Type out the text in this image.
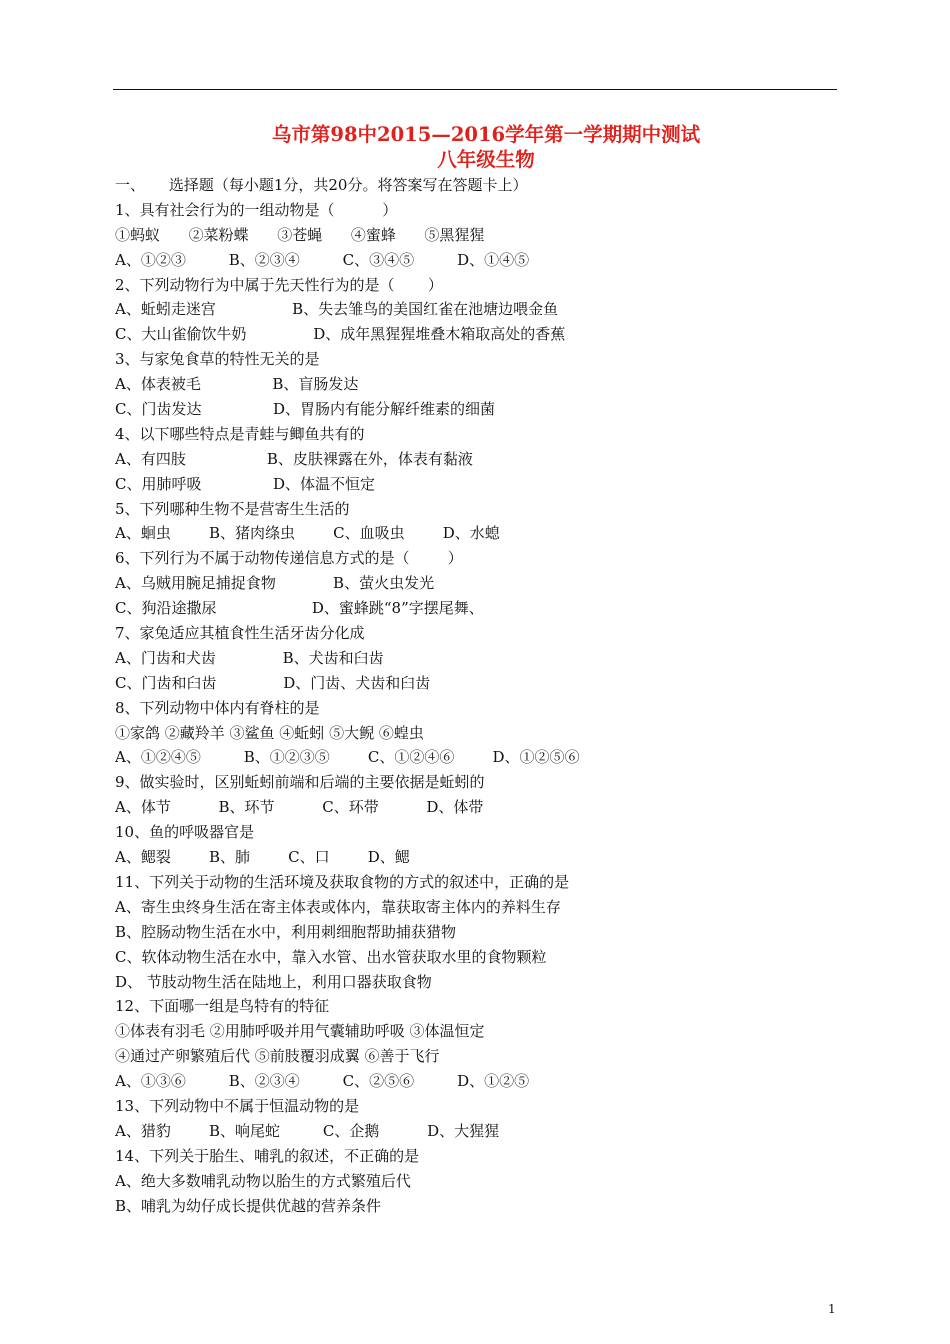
乌市第98中2015—2016学年第一学期期中测试
八年级生物
一、     选择题（每小题1分，共20分。将答案写在答题卡上）
1、具有社会行为的一组动物是（          ）
①蚂蚁      ②菜粉蝶      ③苍蝇      ④蜜蜂      ⑤黑猩猩
A、①②③         B、②③④         C、③④⑤         D、①④⑤
2、下列动物行为中属于先天性行为的是（       ）
A、蚯蚓走迷宫                B、失去雏鸟的美国红雀在池塘边喂金鱼
C、大山雀偷饮牛奶              D、成年黑猩猩堆叠木箱取高处的香蕉
3、与家兔食草的特性无关的是
A、体表被毛               B、盲肠发达
C、门齿发达               D、胃肠内有能分解纤维素的细菌
4、以下哪些特点是青蛙与鲫鱼共有的
A、有四肢                 B、皮肤裸露在外，体表有黏液
C、用肺呼吸               D、体温不恒定
5、下列哪种生物不是营寄生生活的
A、蛔虫        B、猪肉绦虫        C、血吸虫        D、水螅
6、下列行为不属于动物传递信息方式的是（        ）
A、乌贼用腕足捕捉食物            B、萤火虫发光
C、狗沿途撒尿                    D、蜜蜂跳“8”字摆尾舞、
7、家兔适应其植食性生活牙齿分化成
A、门齿和犬齿              B、犬齿和臼齿
C、门齿和臼齿              D、门齿、犬齿和臼齿
8、下列动物中体内有脊柱的是
①家鸽 ②藏羚羊 ③鲨鱼 ④蚯蚓 ⑤大鲵 ⑥蝗虫
A、①②④⑤         B、①②③⑤        C、①②④⑥        D、①②⑤⑥
9、做实验时，区别蚯蚓前端和后端的主要依据是蚯蚓的
A、体节          B、环节          C、环带          D、体带
10、鱼的呼吸器官是
A、鳃裂        B、肺        C、口        D、鳃
11、下列关于动物的生活环境及获取食物的方式的叙述中，正确的是
A、寄生虫终身生活在寄主体表或体内，靠获取寄主体内的养料生存
B、腔肠动物生活在水中，利用刺细胞帮助捕获猎物
C、软体动物生活在水中，靠入水管、出水管获取水里的食物颗粒
D、 节肢动物生活在陆地上，利用口器获取食物
12、下面哪一组是鸟特有的特征
①体表有羽毛 ②用肺呼吸并用气囊辅助呼吸 ③体温恒定
④通过产卵繁殖后代 ⑤前肢覆羽成翼 ⑥善于飞行
A、①③⑥         B、②③④         C、②⑤⑥         D、①②⑤
13、下列动物中不属于恒温动物的是
A、猎豹        B、响尾蛇         C、企鹅          D、大猩猩
14、下列关于胎生、哺乳的叙述，不正确的是
A、绝大多数哺乳动物以胎生的方式繁殖后代
B、哺乳为幼仔成长提供优越的营养条件
1
